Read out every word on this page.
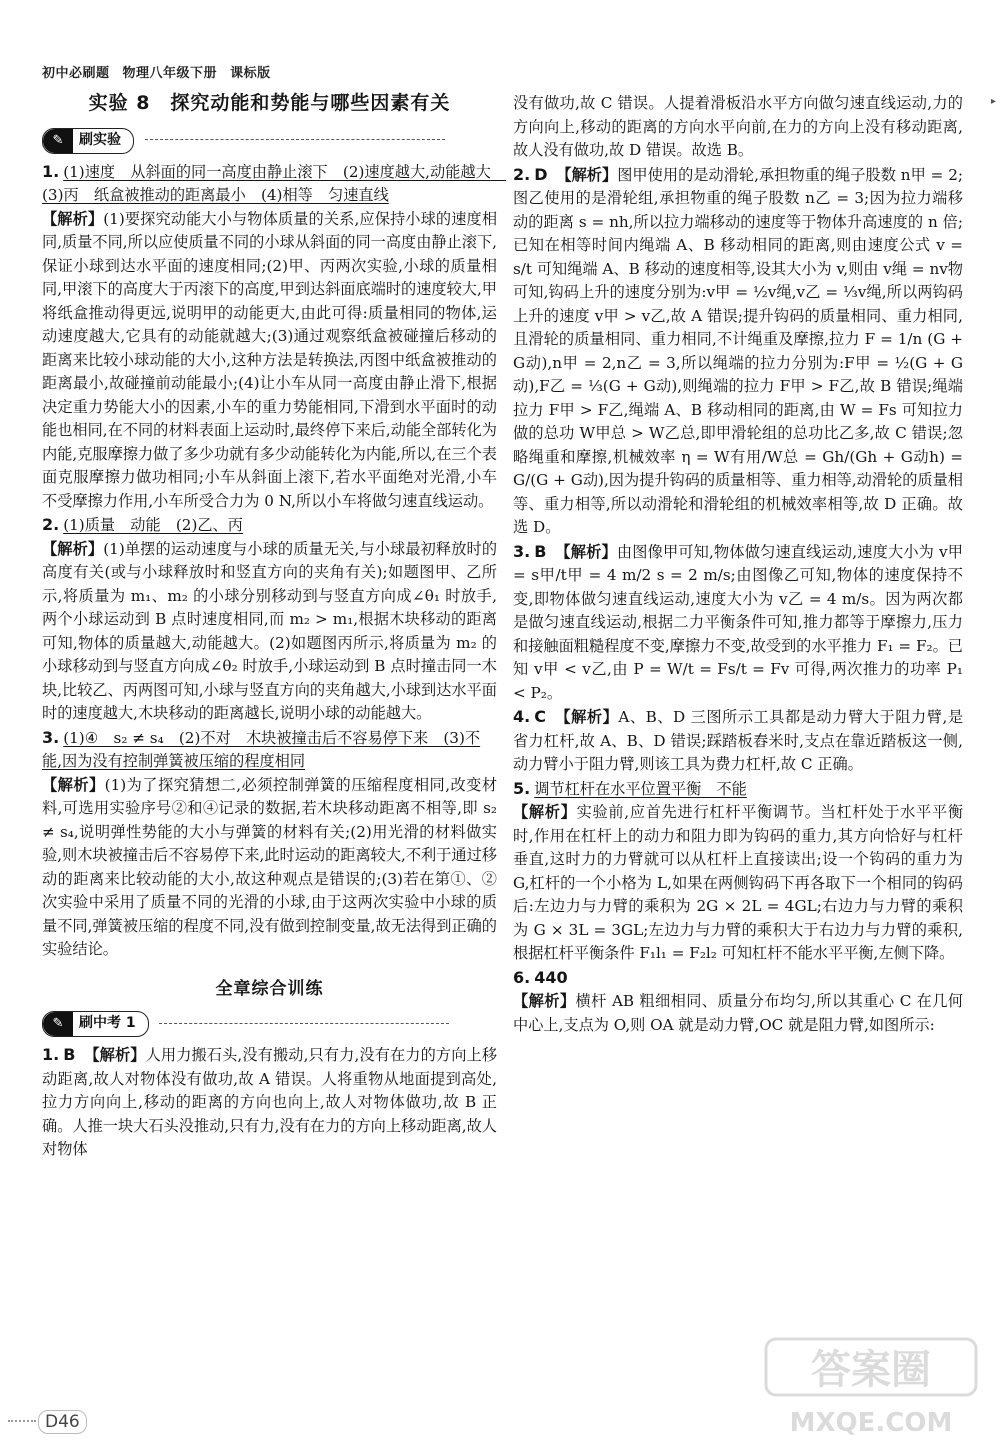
初中必刷题 物理八年级下册 课标版
▸
实验 8　探究动能和势能与哪些因素有关
✎	刷实验

1. (1)速度　从斜面的同一高度由静止滚下　(2)速度越大,动能越大　(3)丙　纸盒被推动的距离最小　(4)相等　匀速直线

【解析】(1)要探究动能大小与物体质量的关系,应保持小球的速度相同,质量不同,所以应使质量不同的小球从斜面的同一高度由静止滚下,保证小球到达水平面的速度相同;(2)甲、丙两次实验,小球的质量相同,甲滚下的高度大于丙滚下的高度,甲到达斜面底端时的速度较大,甲将纸盒推动得更远,说明甲的动能更大,由此可得:质量相同的物体,运动速度越大,它具有的动能就越大;(3)通过观察纸盒被碰撞后移动的距离来比较小球动能的大小,这种方法是转换法,丙图中纸盒被推动的距离最小,故碰撞前动能最小;(4)让小车从同一高度由静止滑下,根据决定重力势能大小的因素,小车的重力势能相同,下滑到水平面时的动能也相同,在不同的材料表面上运动时,最终停下来后,动能全部转化为内能,克服摩擦力做了多少功就有多少动能转化为内能,所以,在三个表面克服摩擦力做功相同;小车从斜面上滚下,若水平面绝对光滑,小车不受摩擦力作用,小车所受合力为 0 N,所以小车将做匀速直线运动。

2. (1)质量　动能　(2)乙、丙

【解析】(1)单摆的运动速度与小球的质量无关,与小球最初释放时的高度有关(或与小球释放时和竖直方向的夹角有关);如题图甲、乙所示,将质量为 m₁、m₂ 的小球分别移动到与竖直方向成∠θ₁ 时放手,两个小球运动到 B 点时速度相同,而 m₂ > m₁,根据木块移动的距离可知,物体的质量越大,动能越大。(2)如题图丙所示,将质量为 m₂ 的小球移动到与竖直方向成∠θ₂ 时放手,小球运动到 B 点时撞击同一木块,比较乙、丙两图可知,小球与竖直方向的夹角越大,小球到达水平面时的速度越大,木块移动的距离越长,说明小球的动能越大。

3. (1)④　s₂ ≠ s₄　(2)不对　木块被撞击后不容易停下来　(3)不能,因为没有控制弹簧被压缩的程度相同

【解析】(1)为了探究猜想二,必须控制弹簧的压缩程度相同,改变材料,可选用实验序号②和④记录的数据,若木块移动距离不相等,即 s₂ ≠ s₄,说明弹性势能的大小与弹簧的材料有关;(2)用光滑的材料做实验,则木块被撞击后不容易停下来,此时运动的距离较大,不利于通过移动的距离来比较动能的大小,故这种观点是错误的;(3)若在第①、②次实验中采用了质量不同的光滑的小球,由于这两次实验中小球的质量不同,弹簧被压缩的程度不同,没有做到控制变量,故无法得到正确的实验结论。

全章综合训练
✎	刷中考 1

1. B 【解析】人用力搬石头,没有搬动,只有力,没有在力的方向上移动距离,故人对物体没有做功,故 A 错误。人将重物从地面提到高处,拉力方向向上,移动的距离的方向也向上,故人对物体做功,故 B 正确。人推一块大石头没推动,只有力,没有在力的方向上移动距离,故人对物体

没有做功,故 C 错误。人提着滑板沿水平方向做匀速直线运动,力的方向向上,移动的距离的方向水平向前,在力的方向上没有移动距离,故人没有做功,故 D 错误。故选 B。

2. D 【解析】图甲使用的是动滑轮,承担物重的绳子股数 n甲 = 2;图乙使用的是滑轮组,承担物重的绳子股数 n乙 = 3;因为拉力端移动的距离 s = nh,所以拉力端移动的速度等于物体升高速度的 n 倍;已知在相等时间内绳端 A、B 移动相同的距离,则由速度公式 v = s/t 可知绳端 A、B 移动的速度相等,设其大小为 v,则由 v绳 = nv物 可知,钩码上升的速度分别为:v甲 = ½v绳,v乙 = ⅓v绳,所以两钩码上升的速度 v甲 > v乙,故 A 错误;提升钩码的质量相同、重力相同,且滑轮的质量相同、重力相同,不计绳重及摩擦,拉力 F = 1/n (G + G动),n甲 = 2,n乙 = 3,所以绳端的拉力分别为:F甲 = ½(G + G动),F乙 = ⅓(G + G动),则绳端的拉力 F甲 > F乙,故 B 错误;绳端拉力 F甲 > F乙,绳端 A、B 移动相同的距离,由 W = Fs 可知拉力做的总功 W甲总 > W乙总,即甲滑轮组的总功比乙多,故 C 错误;忽略绳重和摩擦,机械效率 η = W有用/W总 = Gh/(Gh + G动h) = G/(G + G动),因为提升钩码的质量相等、重力相等,动滑轮的质量相等、重力相等,所以动滑轮和滑轮组的机械效率相等,故 D 正确。故选 D。

3. B 【解析】由图像甲可知,物体做匀速直线运动,速度大小为 v甲 = s甲/t甲 = 4 m/2 s = 2 m/s;由图像乙可知,物体的速度保持不变,即物体做匀速直线运动,速度大小为 v乙 = 4 m/s。因为两次都是做匀速直线运动,根据二力平衡条件可知,推力都等于摩擦力,压力和接触面粗糙程度不变,摩擦力不变,故受到的水平推力 F₁ = F₂。已知 v甲 < v乙,由 P = W/t = Fs/t = Fv 可得,两次推力的功率 P₁ < P₂。

4. C 【解析】A、B、D 三图所示工具都是动力臂大于阻力臂,是省力杠杆,故 A、B、D 错误;踩踏板舂米时,支点在靠近踏板这一侧,动力臂小于阻力臂,则该工具为费力杠杆,故 C 正确。

5. 调节杠杆在水平位置平衡　不能

【解析】实验前,应首先进行杠杆平衡调节。当杠杆处于水平平衡时,作用在杠杆上的动力和阻力即为钩码的重力,其方向恰好与杠杆垂直,这时力的力臂就可以从杠杆上直接读出;设一个钩码的重力为 G,杠杆的一个小格为 L,如果在两侧钩码下再各取下一个相同的钩码后:左边力与力臂的乘积为 2G × 2L = 4GL;右边力与力臂的乘积为 G × 3L = 3GL;左边力与力臂的乘积大于右边力与力臂的乘积,根据杠杆平衡条件 F₁l₁ = F₂l₂ 可知杠杆不能水平平衡,左侧下降。

6. 440

【解析】横杆 AB 粗细相同、质量分布均匀,所以其重心 C 在几何中心上,支点为 O,则 OA 就是动力臂,OC 就是阻力臂,如图所示:

D46
答案圈
MXQE.COM
